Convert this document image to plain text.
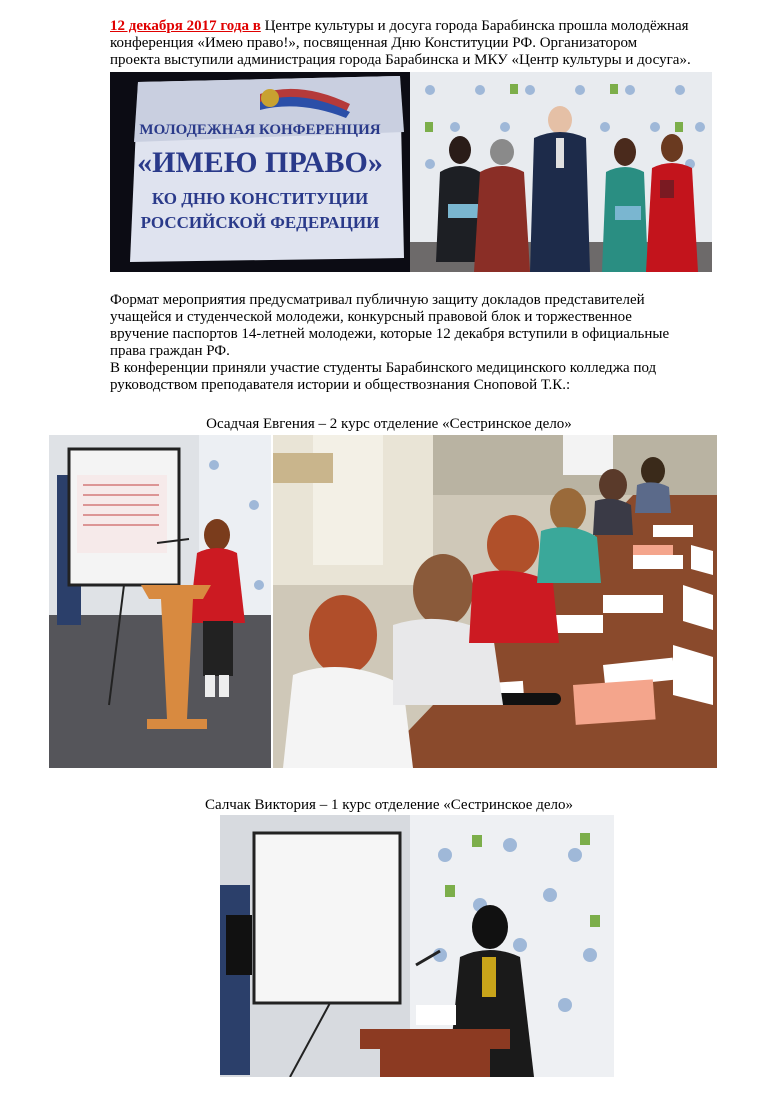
12 декабря 2017 года в Центре культуры и досуга города Барабинска прошла молодёжная
конференция «Имею право!», посвященная Дню Конституции РФ. Организатором
проекта выступили администрация города Барабинска и МКУ «Центр культуры и досуга».
МОЛОДЕЖНАЯ КОНФЕРЕНЦИЯ
«ИМЕЮ ПРАВО»
КО ДНЮ КОНСТИТУЦИИ
РОССИЙСКОЙ ФЕДЕРАЦИИ
Формат мероприятия предусматривал публичную защиту докладов представителей
учащейся и студенческой молодежи, конкурсный правовой блок и торжественное
вручение паспортов 14-летней молодежи, которые 12 декабря вступили в официальные
права граждан РФ.
В конференции приняли участие студенты Барабинского медицинского колледжа под
руководством преподавателя истории и обществознания Сноповой Т.К.:
Осадчая Евгения – 2 курс отделение «Сестринское дело»
Салчак Виктория – 1 курс отделение «Сестринское дело»
